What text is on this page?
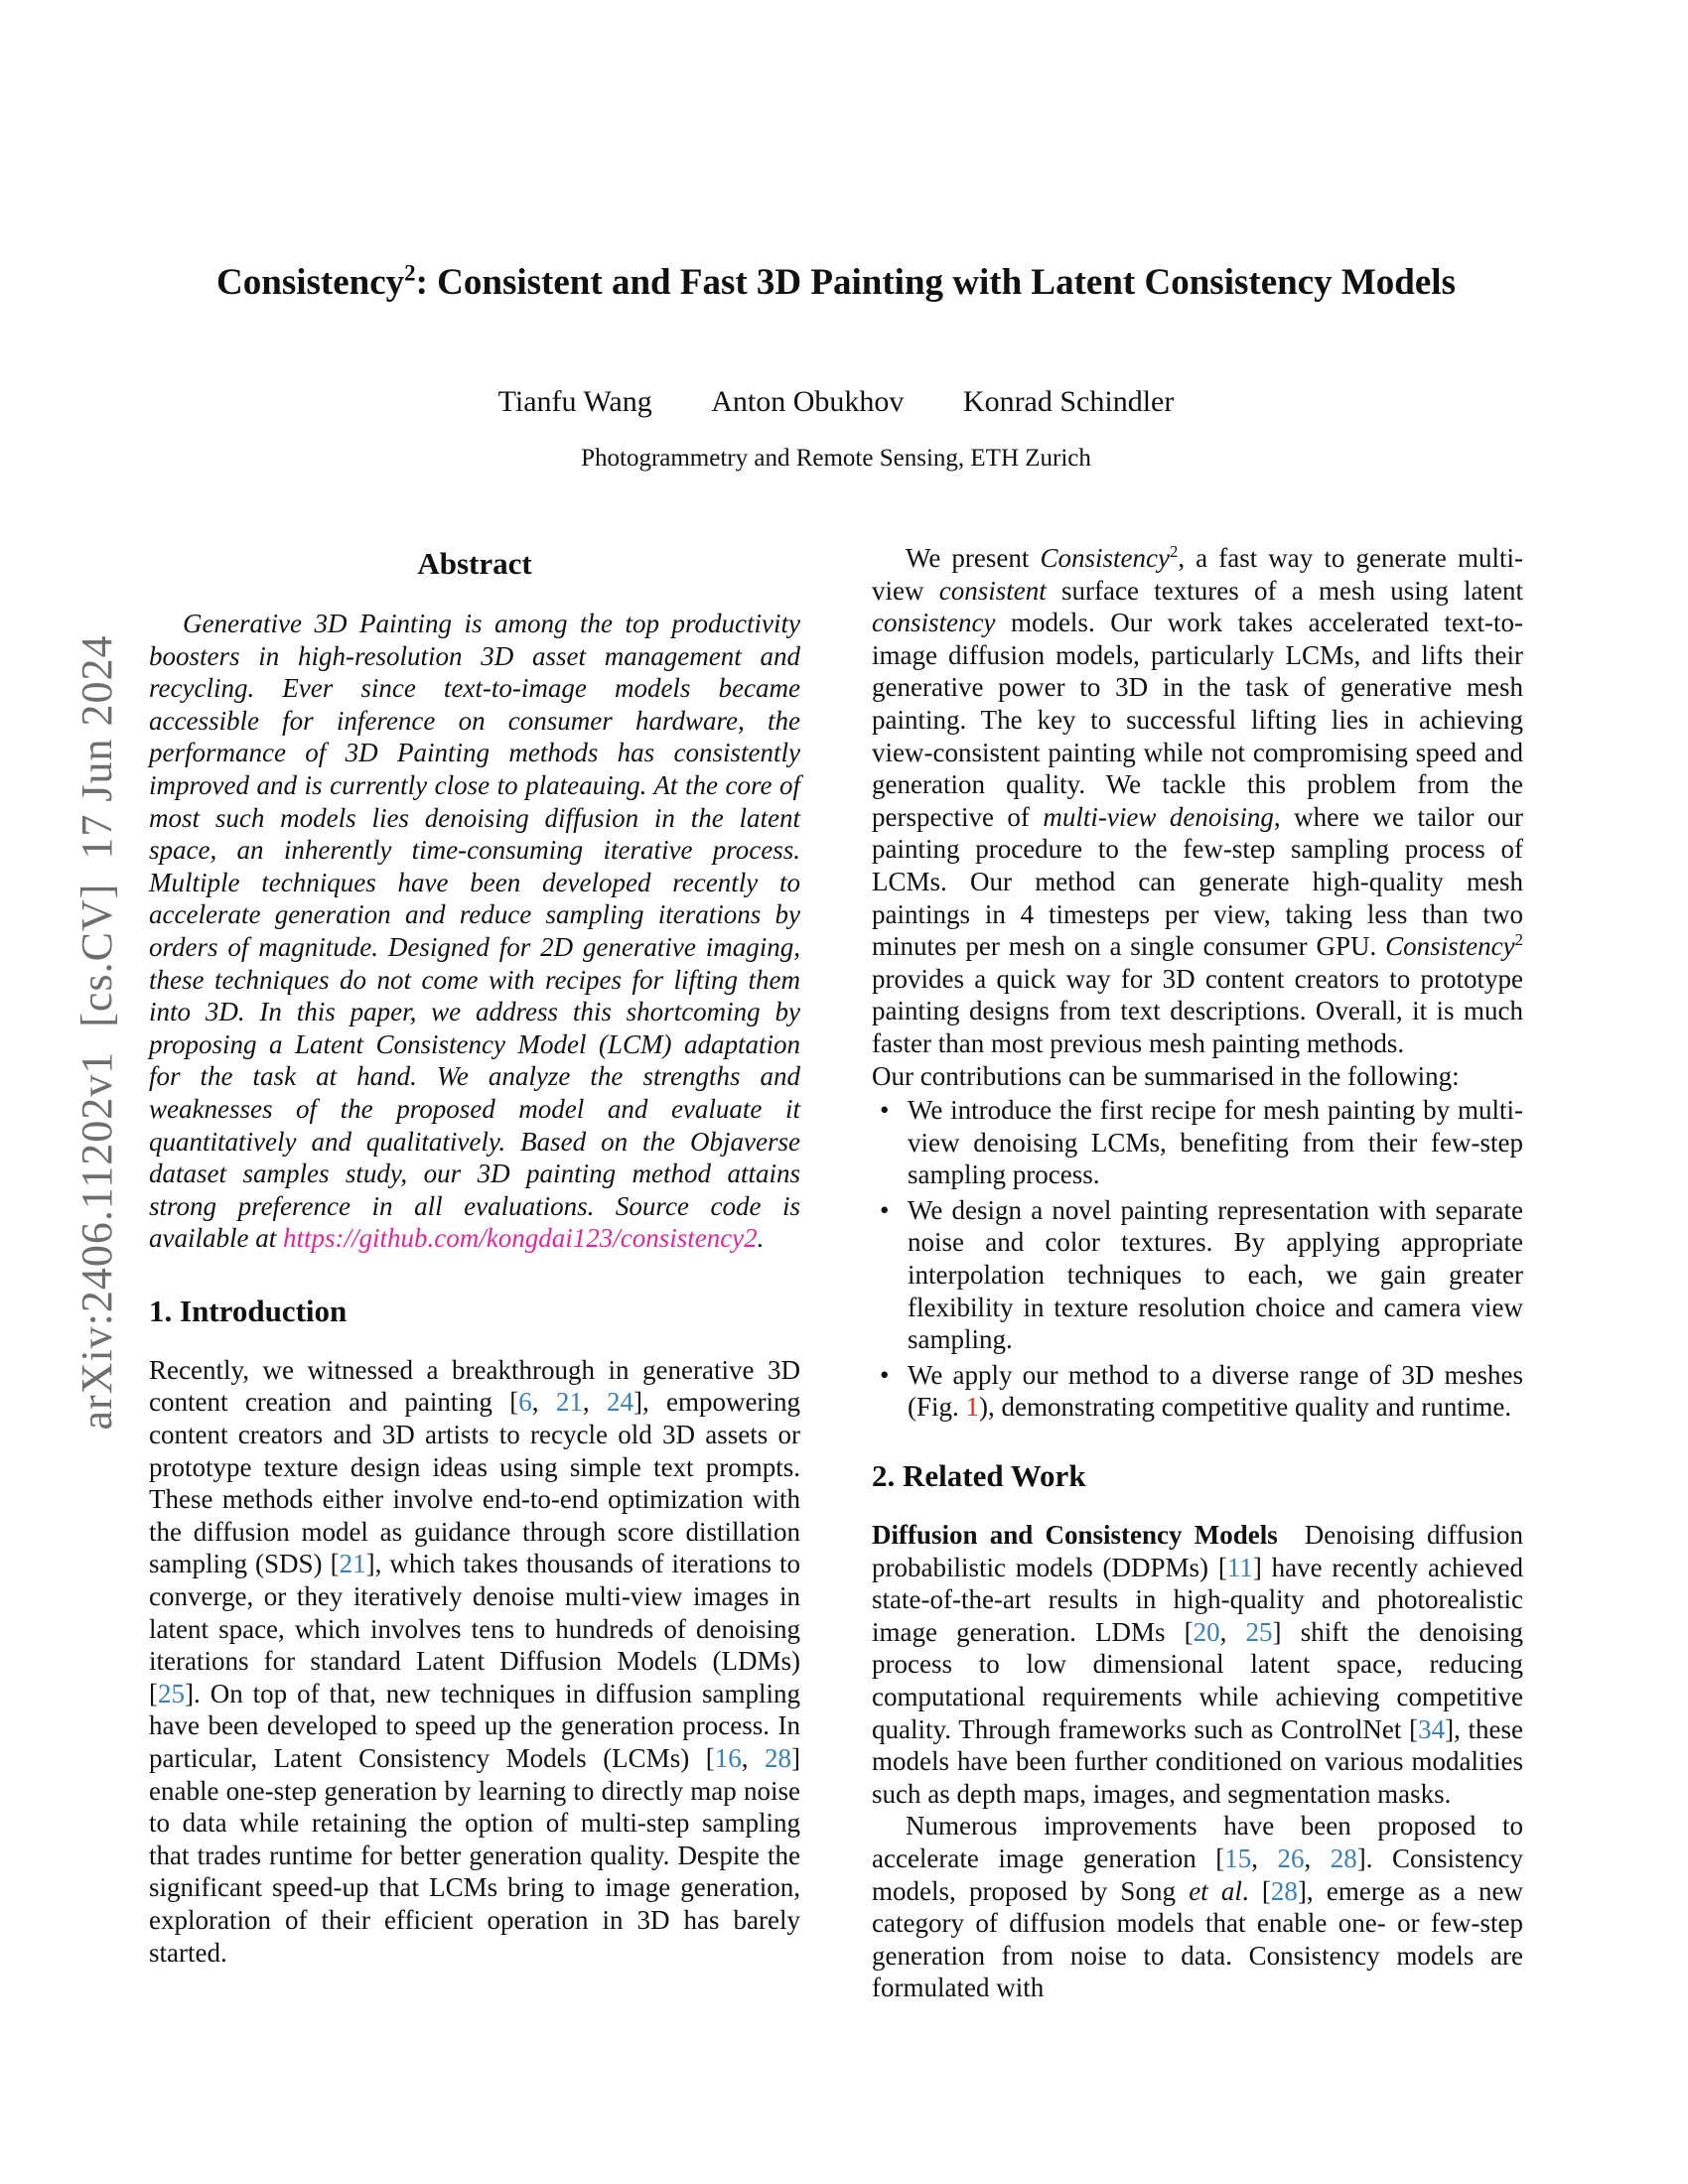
arXiv:2406.11202v1  [cs.CV]  17 Jun 2024
Consistency$^2$: Consistent and Fast 3D Painting with Latent Consistency Models
Tianfu Wang Anton Obukhov Konrad Schindler
Photogrammetry and Remote Sensing, ETH Zurich
Abstract

Generative 3D Painting is among the top productivity boosters in high-resolution 3D asset management and recycling. Ever since text-to-image models became accessible for inference on consumer hardware, the performance of 3D Painting methods has consistently improved and is currently close to plateauing. At the core of most such models lies denoising diffusion in the latent space, an inherently time-consuming iterative process. Multiple techniques have been developed recently to accelerate generation and reduce sampling iterations by orders of magnitude. Designed for 2D generative imaging, these techniques do not come with recipes for lifting them into 3D. In this paper, we address this shortcoming by proposing a Latent Consistency Model (LCM) adaptation for the task at hand. We analyze the strengths and weaknesses of the proposed model and evaluate it quantitatively and qualitatively. Based on the Objaverse dataset samples study, our 3D painting method attains strong preference in all evaluations. Source code is available at https://github.com/kongdai123/consistency2.

1. Introduction

Recently, we witnessed a breakthrough in generative 3D content creation and painting [6, 21, 24], empowering content creators and 3D artists to recycle old 3D assets or prototype texture design ideas using simple text prompts. These methods either involve end-to-end optimization with the diffusion model as guidance through score distillation sampling (SDS) [21], which takes thousands of iterations to converge, or they iteratively denoise multi-view images in latent space, which involves tens to hundreds of denoising iterations for standard Latent Diffusion Models (LDMs) [25]. On top of that, new techniques in diffusion sampling have been developed to speed up the generation process. In particular, Latent Consistency Models (LCMs) [16, 28] enable one-step generation by learning to directly map noise to data while retaining the option of multi-step sampling that trades runtime for better generation quality. Despite the significant speed-up that LCMs bring to image generation, exploration of their efficient operation in 3D has barely started.

We present Consistency$^2$, a fast way to generate multi-view consistent surface textures of a mesh using latent consistency models. Our work takes accelerated text-to-image diffusion models, particularly LCMs, and lifts their generative power to 3D in the task of generative mesh painting. The key to successful lifting lies in achieving view-consistent painting while not compromising speed and generation quality. We tackle this problem from the perspective of multi-view denoising, where we tailor our painting procedure to the few-step sampling process of LCMs. Our method can generate high-quality mesh paintings in 4 timesteps per view, taking less than two minutes per mesh on a single consumer GPU. Consistency$^2$ provides a quick way for 3D content creators to prototype painting designs from text descriptions. Overall, it is much faster than most previous mesh painting methods.

Our contributions can be summarised in the following:

• We introduce the first recipe for mesh painting by multi-view denoising LCMs, benefiting from their few-step sampling process.
• We design a novel painting representation with separate noise and color textures. By applying appropriate interpolation techniques to each, we gain greater flexibility in texture resolution choice and camera view sampling.
• We apply our method to a diverse range of 3D meshes (Fig. 1), demonstrating competitive quality and runtime.
2. Related Work

Diffusion and Consistency Models Denoising diffusion probabilistic models (DDPMs) [11] have recently achieved state-of-the-art results in high-quality and photorealistic image generation. LDMs [20, 25] shift the denoising process to low dimensional latent space, reducing computational requirements while achieving competitive quality. Through frameworks such as ControlNet [34], these models have been further conditioned on various modalities such as depth maps, images, and segmentation masks.

Numerous improvements have been proposed to accelerate image generation [15, 26, 28]. Consistency models, proposed by Song et al. [28], emerge as a new category of diffusion models that enable one- or few-step generation from noise to data. Consistency models are formulated with
